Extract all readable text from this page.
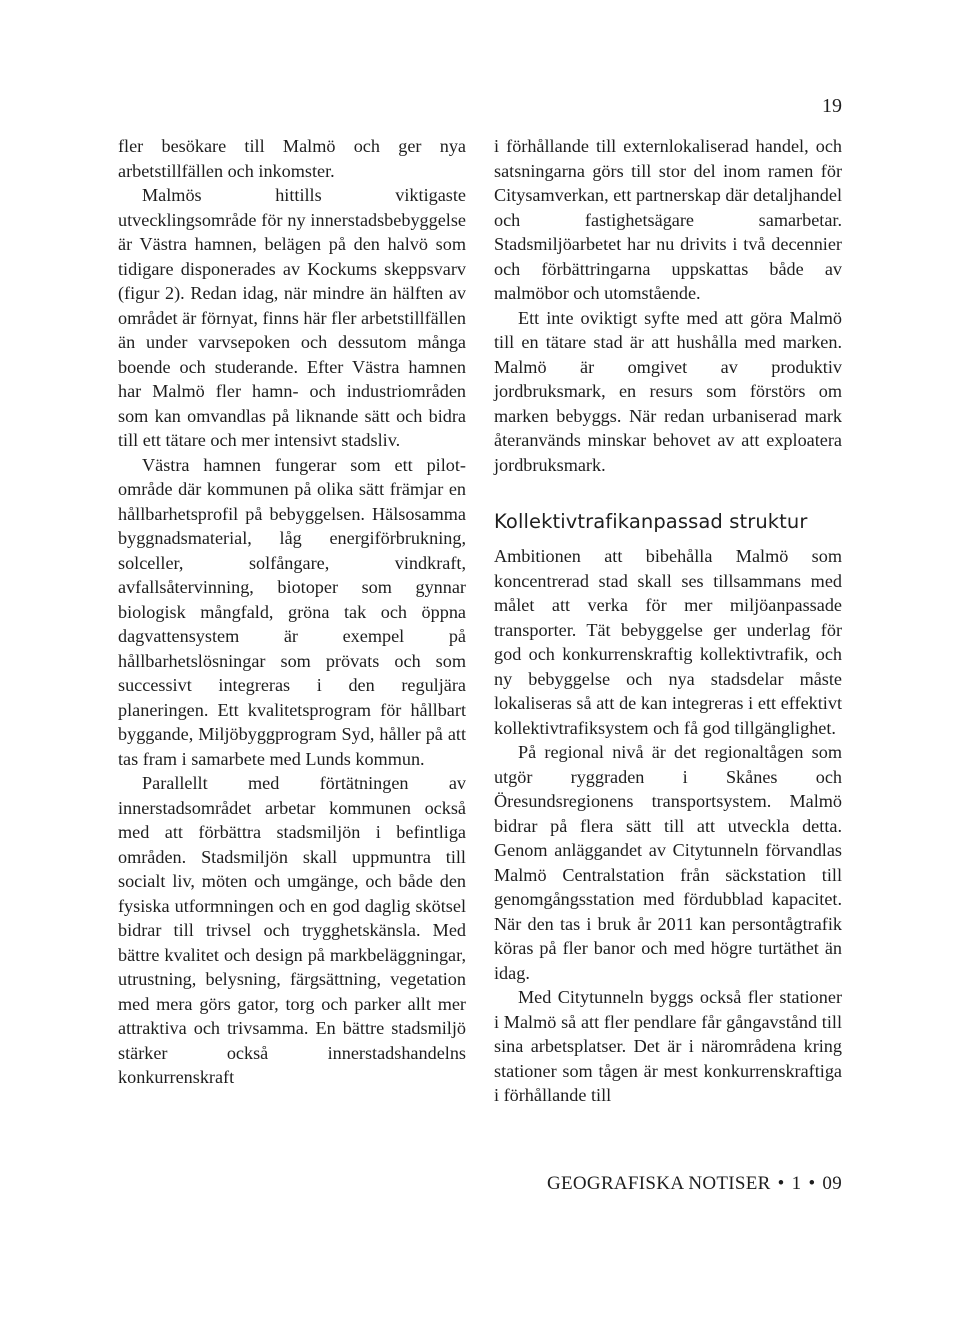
19

fler besökare till Malmö och ger nya arbetstillfällen och inkomster.

Malmös hittills viktigaste utvecklingsområde för ny innerstadsbebyggelse är Västra hamnen, belägen på den halvö som tidigare disponerades av Kockums skeppsvarv (figur 2). Redan idag, när mindre än hälften av området är förnyat, finns här fler arbetstillfällen än under varvsepoken och dessutom många boende och studerande. Efter Västra hamnen har Malmö fler hamn- och industriområden som kan omvandlas på liknande sätt och bidra till ett tätare och mer intensivt stadsliv.

Västra hamnen fungerar som ett pilot-område där kommunen på olika sätt främjar en hållbarhetsprofil på bebyggelsen. Hälsosamma byggnadsmaterial, låg energiförbrukning, solceller, solfångare, vindkraft, avfallsåtervinning, biotoper som gynnar biologisk mångfald, gröna tak och öppna dagvattensystem är exempel på hållbarhetslösningar som prövats och som successivt integreras i den reguljära planeringen. Ett kvalitetsprogram för hållbart byggande, Miljöbyggprogram Syd, håller på att tas fram i samarbete med Lunds kommun.

Parallellt med förtätningen av innerstadsområdet arbetar kommunen också med att förbättra stadsmiljön i befintliga områden. Stadsmiljön skall uppmuntra till socialt liv, möten och umgänge, och både den fysiska utformningen och en god daglig skötsel bidrar till trivsel och trygghetskänsla. Med bättre kvalitet och design på markbeläggningar, utrustning, belysning, färgsättning, vegetation med mera görs gator, torg och parker allt mer attraktiva och trivsamma. En bättre stadsmiljö stärker också innerstadshandelns konkurrenskraft

i förhållande till externlokaliserad handel, och satsningarna görs till stor del inom ramen för Citysamverkan, ett partnerskap där detaljhandel och fastighetsägare samarbetar. Stadsmiljöarbetet har nu drivits i två decennier och förbättringarna uppskattas både av malmöbor och utomstående.

Ett inte oviktigt syfte med att göra Malmö till en tätare stad är att hushålla med marken. Malmö är omgivet av produktiv jordbruksmark, en resurs som förstörs om marken bebyggs. När redan urbaniserad mark återanvänds minskar behovet av att exploatera jordbruksmark.

Kollektivtrafikanpassad struktur

Ambitionen att bibehålla Malmö som koncentrerad stad skall ses tillsammans med målet att verka för mer miljöanpassade transporter. Tät bebyggelse ger underlag för god och konkurrenskraftig kollektivtrafik, och ny bebyggelse och nya stadsdelar måste lokaliseras så att de kan integreras i ett effektivt kollektivtrafiksystem och få god tillgänglighet.

På regional nivå är det regionaltågen som utgör ryggraden i Skånes och Öresundsregionens transportsystem. Malmö bidrar på flera sätt till att utveckla detta. Genom anläggandet av Citytunneln förvandlas Malmö Centralstation från säckstation till genomgångsstation med fördubblad kapacitet. När den tas i bruk år 2011 kan persontågtrafik köras på fler banor och med högre turtäthet än idag.

Med Citytunneln byggs också fler stationer i Malmö så att fler pendlare får gångavstånd till sina arbetsplatser. Det är i närområdena kring stationer som tågen är mest konkurrenskraftiga i förhållande till

GEOGRAFISKA NOTISER • 1 • 09
